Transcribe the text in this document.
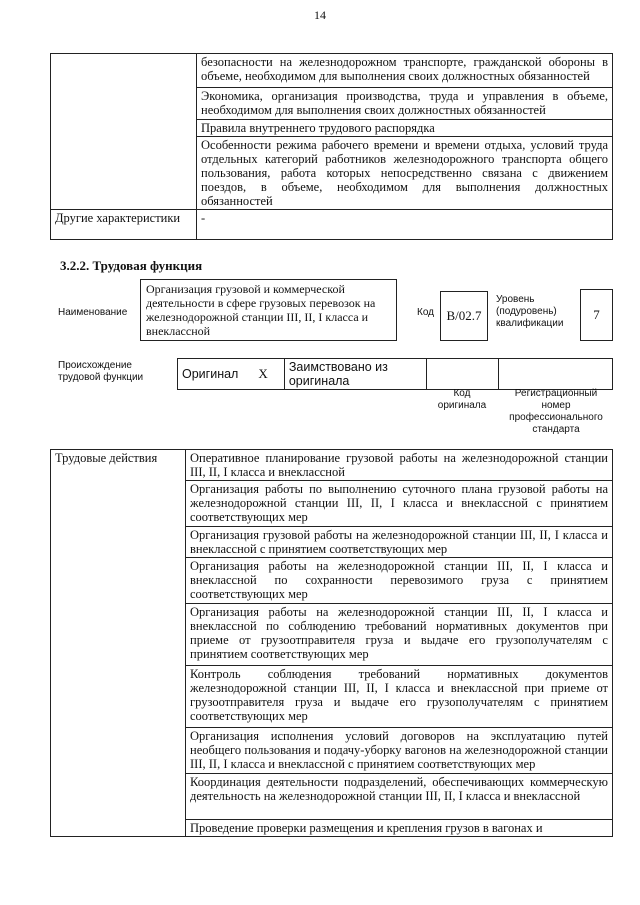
14
	безопасности на железнодорожном транспорте, гражданской обороны в объеме, необходимом для выполнения своих должностных обязанностей
	Экономика, организация производства, труда и управления в объеме, необходимом для выполнения своих должностных обязанностей
	Правила внутреннего трудового распорядка
	Особенности режима рабочего времени и времени отдыха, условий труда отдельных категорий работников железнодорожного транспорта общего пользования, работа которых непосредственно связана с движением поездов, в объеме, необходимом для выполнения должностных обязанностей
Другие характеристики	-
3.2.2. Трудовая функция
Наименование
Организация грузовой и коммерческой деятельности в сфере грузовых перевозок на железнодорожной станции III, II, I класса и внеклассной
Код B/02.7
Уровень (подуровень) квалификации
7
Происхождение трудовой функции	Оригинал	X	Заимствовано из оригинала		
Код оригинала
Регистрационный номер профессионального стандарта
Трудовые действия	Оперативное планирование грузовой работы на железнодорожной станции III, II, I класса и внеклассной
Организация работы по выполнению суточного плана грузовой работы на железнодорожной станции III, II, I класса и внеклассной с принятием соответствующих мер
Организация грузовой работы на железнодорожной станции III, II, I класса и внеклассной с принятием соответствующих мер
Организация работы на железнодорожной станции III, II, I класса и внеклассной по сохранности перевозимого груза с принятием соответствующих мер
Организация работы на железнодорожной станции III, II, I класса и внеклассной по соблюдению требований нормативных документов при приеме от грузоотправителя груза и выдаче его грузополучателям с принятием соответствующих мер
Контроль соблюдения требований нормативных документов железнодорожной станции III, II, I класса и внеклассной при приеме от грузоотправителя груза и выдаче его грузополучателям с принятием соответствующих мер
Организация исполнения условий договоров на эксплуатацию путей необщего пользования и подачу-уборку вагонов на железнодорожной станции III, II, I класса и внеклассной с принятием соответствующих мер
Координация деятельности подразделений, обеспечивающих коммерческую деятельность на железнодорожной станции III, II, I класса и внеклассной
Проведение проверки размещения и крепления грузов в вагонах и
